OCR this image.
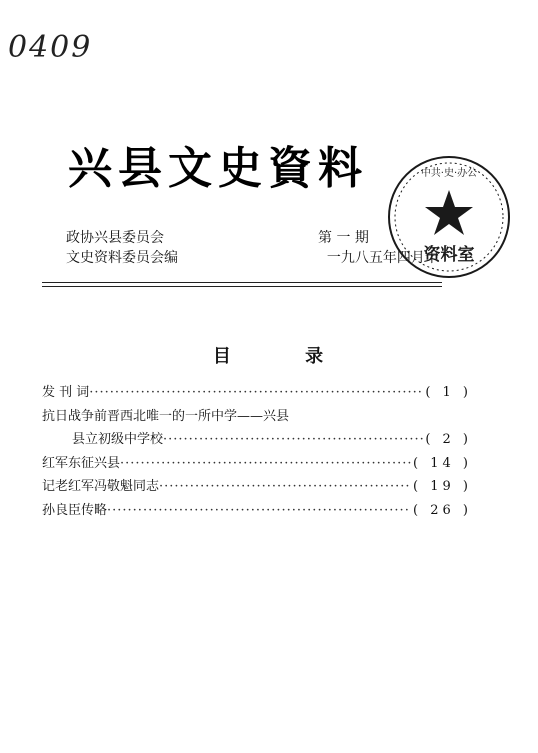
0409
兴县文史資料
政协兴县委员会
文史资料委员会编
第 一 期
一九八五年四月十
资料室
中共·史·办公
目	录
发 刊 词 ·····	( 1 )
抗日战争前晋西北唯一的一所中学——兴县
县立初级中学校 ·····	( 2 )
红军东征兴县 ·····	( 14 )
记老红军冯敬魁同志 ·····	( 19 )
孙良臣传略 ·····	( 26 )
